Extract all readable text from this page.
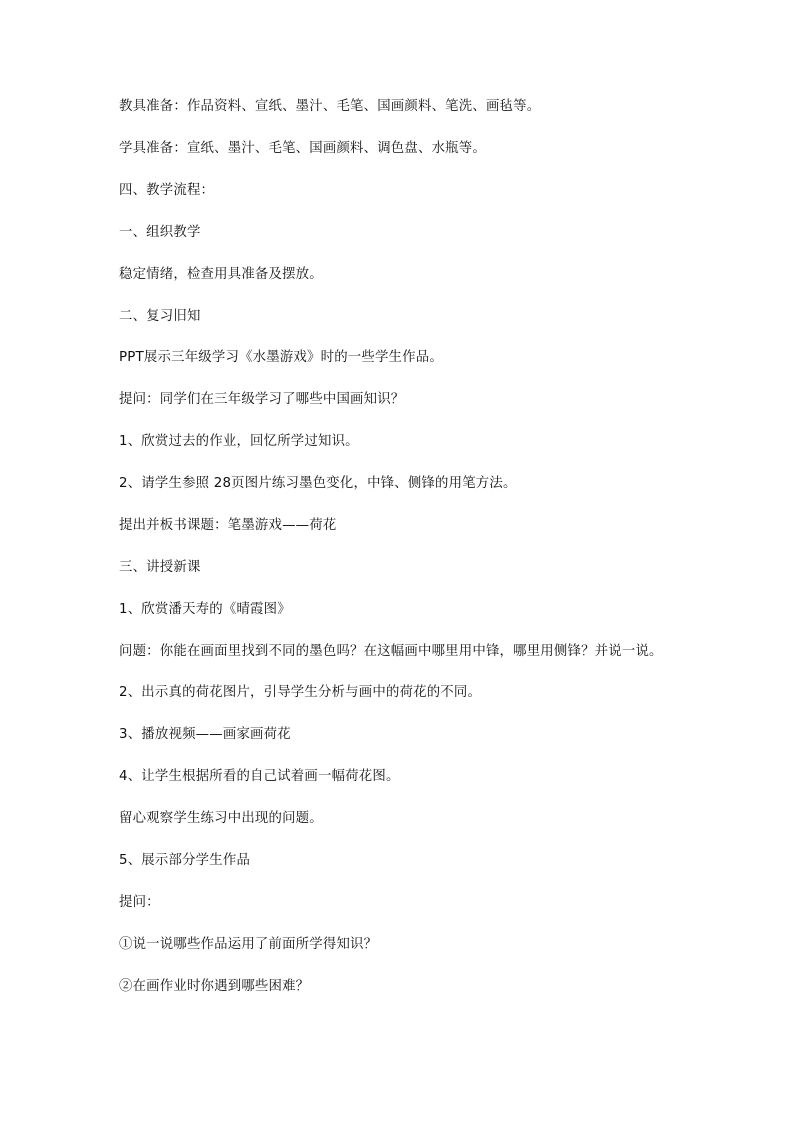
教具准备：作品资料、宣纸、墨汁、毛笔、国画颜料、笔洗、画毡等。
学具准备：宣纸、墨汁、毛笔、国画颜料、调色盘、水瓶等。
四、教学流程：
一、组织教学
稳定情绪，检查用具准备及摆放。
二、复习旧知
PPT展示三年级学习《水墨游戏》时的一些学生作品。
提问：同学们在三年级学习了哪些中国画知识？
1、欣赏过去的作业，回忆所学过知识。
2、请学生参照 28页图片练习墨色变化，中锋、侧锋的用笔方法。
提出并板书课题：笔墨游戏——荷花
三、讲授新课
1、欣赏潘天寿的《晴霞图》
问题：你能在画面里找到不同的墨色吗？在这幅画中哪里用中锋，哪里用侧锋？并说一说。
2、出示真的荷花图片，引导学生分析与画中的荷花的不同。
3、播放视频——画家画荷花
4、让学生根据所看的自己试着画一幅荷花图。
留心观察学生练习中出现的问题。
5、展示部分学生作品
提问：
①说一说哪些作品运用了前面所学得知识？
②在画作业时你遇到哪些困难？
